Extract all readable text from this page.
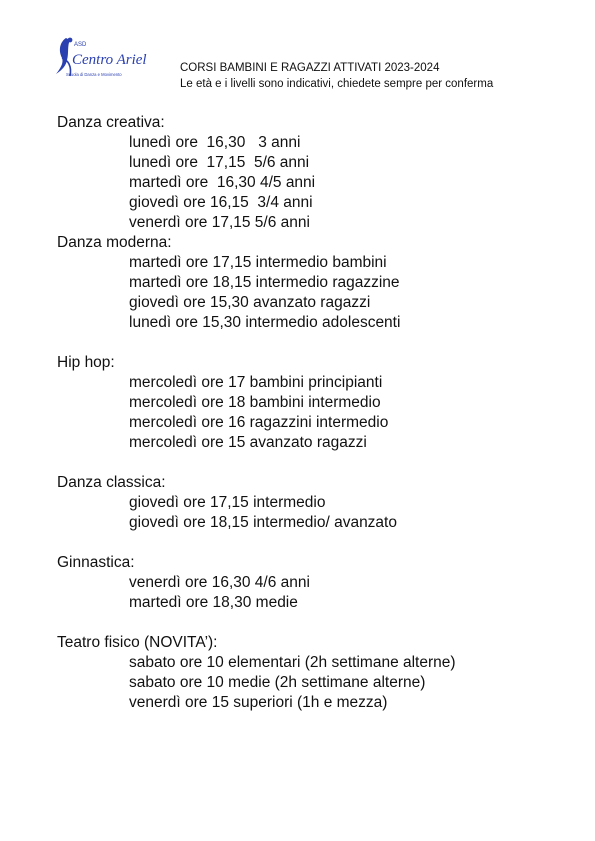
ASD
Centro Ariel
Scuola di Danza e Movimento
CORSI BAMBINI E RAGAZZI ATTIVATI 2023-2024
Le età e i livelli sono indicativi, chiedete sempre per conferma
Danza creativa:
lunedì ore  16,30   3 anni
lunedì ore  17,15  5/6 anni
martedì ore  16,30 4/5 anni
giovedì ore 16,15  3/4 anni
venerdì ore 17,15 5/6 anni
Danza moderna:
martedì ore 17,15 intermedio bambini
martedì ore 18,15 intermedio ragazzine
giovedì ore 15,30 avanzato ragazzi
lunedì ore 15,30 intermedio adolescenti
Hip hop:
mercoledì ore 17 bambini principianti
mercoledì ore 18 bambini intermedio
mercoledì ore 16 ragazzini intermedio
mercoledì ore 15 avanzato ragazzi
Danza classica:
giovedì ore 17,15 intermedio
giovedì ore 18,15 intermedio/ avanzato
Ginnastica:
venerdì ore 16,30 4/6 anni
martedì ore 18,30 medie
Teatro fisico (NOVITA’):
sabato ore 10 elementari (2h settimane alterne)
sabato ore 10 medie (2h settimane alterne)
venerdì ore 15 superiori (1h e mezza)
